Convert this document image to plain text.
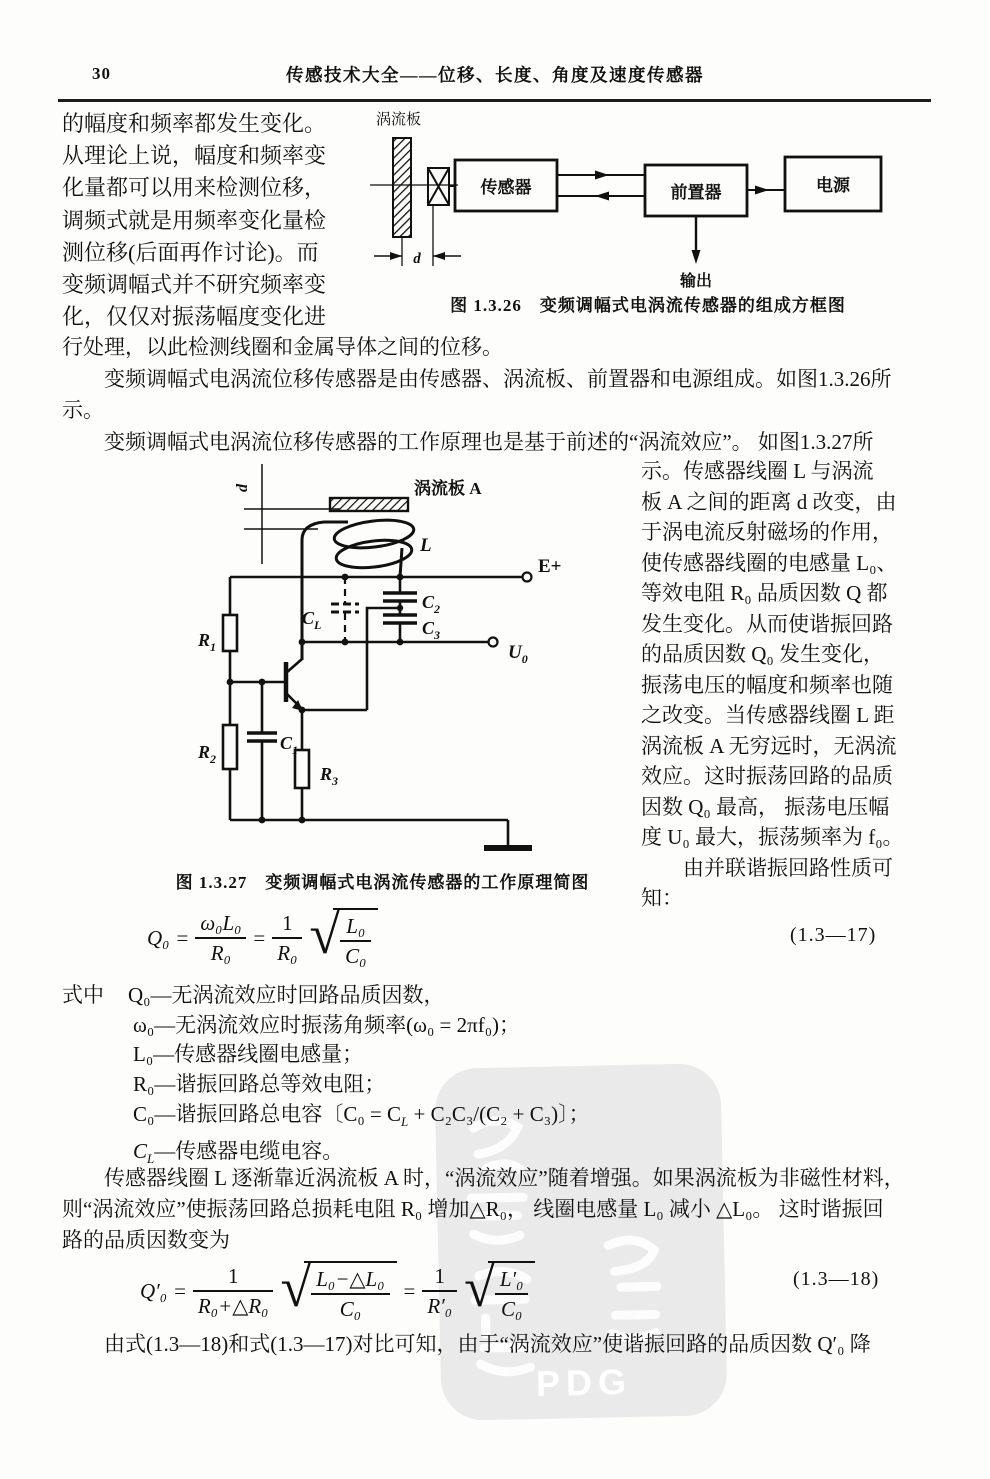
PDG
30	传感技术大全——位移、长度、角度及速度传感器
的幅度和频率都发生变化。
从理论上说，幅度和频率变
化量都可以用来检测位移，
调频式就是用频率变化量检
测位移(后面再作讨论)。而
变频调幅式并不研究频率变
化，仅仅对振荡幅度变化进
涡流板
传感器	前置器	电源
输出
d
图 1.3.26　变频调幅式电涡流传感器的组成方框图
行处理，以此检测线圈和金属导体之间的位移。
　　变频调幅式电涡流位移传感器是由传感器、涡流板、前置器和电源组成。如图1.3.26所
示。
　　变频调幅式电涡流位移传感器的工作原理也是基于前述的“涡流效应”。 如图1.3.27所
d	涡流板 A
L
E+
$C_2$
$C_3$
$C_L$
$U_0$
$R_1$
$R_2$
$R_3$
$C_1$
图 1.3.27　变频调幅式电涡流传感器的工作原理简图
示。传感器线圈 L 与涡流
板 A 之间的距离 d 改变，由
于涡电流反射磁场的作用，
使传感器线圈的电感量 L₀、
等效电阻 R₀ 品质因数 Q 都
发生变化。从而使谐振回路
的品质因数 Q₀ 发生变化，
振荡电压的幅度和频率也随
之改变。当传感器线圈 L 距
涡流板 A 无穷远时，无涡流
效应。这时振荡回路的品质
因数 Q₀ 最高， 振荡电压幅
度 U₀ 最大，振荡频率为 f₀。
　　由并联谐振回路性质可
知：
$Q_0 = \frac{\text{ω₀L₀}}{\text{R₀}} = \frac{1}{\text{R₀}}$ √ $\frac{\text{L₀}}{\text{C₀}}$	(1.3—17)
式中 Q₀—无涡流效应时回路品质因数，
ω₀—无涡流效应时振荡角频率(ω₀ = 2πf₀)；
L₀—传感器线圈电感量；
R₀—谐振回路总等效电阻；
C₀—谐振回路总电容〔$C_0 = C_L + C_2C_3/(C_2 + C_3)$〕；
$C_L—$传感器电缆电容。
　　传感器线圈 L 逐渐靠近涡流板 A 时，“涡流效应”随着增强。如果涡流板为非磁性材料，
则“涡流效应”使振荡回路总损耗电阻 R₀ 增加△R₀， 线圈电感量 L₀ 减小 △L₀。 这时谐振回
路的品质因数变为
$Q'_0 = \frac{1}{\text{R₀+△R₀}}$ √ $\frac{\text{L₀−△L₀}}{\text{C₀}} = \frac{1}{\text{R′₀}}$ √ $\frac{\text{L′₀}}{\text{C₀}}$	(1.3—18)
　　由式(1.3—18)和式(1.3—17)对比可知，由于“涡流效应”使谐振回路的品质因数 Q′₀ 降
